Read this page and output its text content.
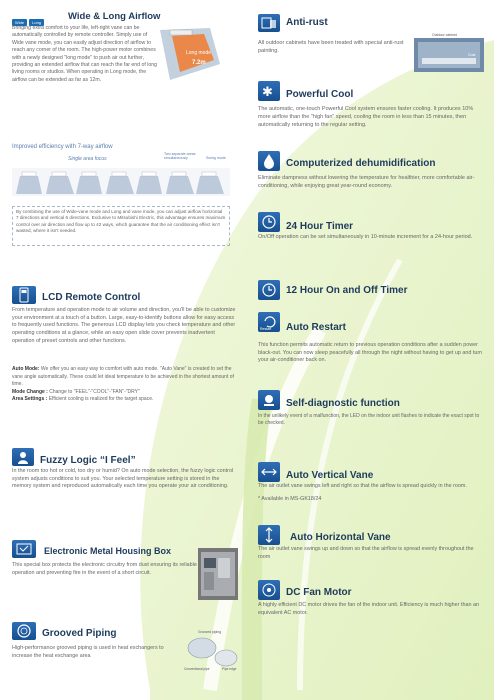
Wide Long
Wide & Long Airflow
Bringing extra comfort to your life, left-right vane can be automatically controlled by remote controller. Simply use of Wide vane mode, you can easily adjust direction of airflow to reach any corner of the room. The high-power motor combines with a newly designed "long mode" to push air out further, providing an extended airflow that can reach the far end of long living rooms or studios. When operating in Long mode, the airflow can be extended as far as 12m.
Long mode
7.2m
Improved efficiency with 7-way airflow
Single area focus
Two separate areas simultaneously	Swing mode
By combining the use of Wide-vane mode and Long and vane mode, you can adjust airflow horizontal 7 directions and vertical 6 directions. Exclusive to Mitsubishi Electric, this advantage ensures maximum control over air direction and flow up to 42 ways, which guarantee that the air conditioning effect isn't wasted, where it isn't needed.
Anti-rust
All outdoor cabinets have been treated with special anti-rust painting.
Outdoor cabinet
Coat
✱ Powerful Cool
The automatic, one-touch Powerful Cool system ensures faster cooling. It produces 10% more airflow than the "high fan" speed, cooling the room in less than 15 minutes, then automatically returning to the regular setting.
Computerized dehumidification
Eliminate dampness without lowering the temperature for healthier, more comfortable air-conditioning, while enjoying great year-round economy.
24 Hour Timer
On/Off operation can be set simultaneously in 10-minute increment for a 24-hour period.
LCD Remote Control
From temperature and operation mode to air volume and direction, you'll be able to customize your environment at a touch of a button. Large, easy-to-identify buttons allow for easy access to frequently used functions. The generous LCD display lets you check temperature and other operating conditions at a glance, while an easy open slide cover prevents inadvertent operation of preset controls and other functions.
Auto Mode: We offer you an easy way to comfort with auto mode. "Auto Vane" is created to set the vane angle automatically. These could let ideal temperature to be achieved in the shortest amount of time.
Mode Change : Change to "FEEL"-"COOL"-"FAN"-"DRY"
Area Settings : Efficient cooling is realized for the target space.
12 Hour On and Off Timer
Restart Auto Restart
This function permits automatic return to previous operation conditions after a sudden power black-out. You can now sleep peacefully all through the night without having to get up and turn your air-conditioner back on.
Self-diagnostic function
In the unlikely event of a malfunction, the LED on the indoor unit flashes to indicate the exact spot to be checked.
Fuzzy Logic “I Feel”
In the room too hot or cold, too dry or humid? On auto mode selection, the fuzzy logic control system adjusts conditions to suit you. Your selected temperature setting is stored in the memory system and reproduced automatically each time you operate your air conditioning.
Auto Vertical Vane
The air outlet vane swings left and right so that the airflow is spread quickly in the room.
* Available in MS-GK18/24
Auto Horizontal Vane
The air outlet vane swings up and down so that the airflow is spread evenly throughout the room
Electronic Metal Housing Box
This special box protects the electronic circuitry from dust ensuring its reliable operation and preventing fire in the event of a short circuit.
DC Fan Motor
A highly efficient DC motor drives the fan of the indoor unit. Efficiency is much higher than an equivalent AC motor.
Grooved Piping
High-performance grooved piping is used in heat exchangers to increase the heat exchange area
Grooved piping
Conventional pipe	Pipe edge
